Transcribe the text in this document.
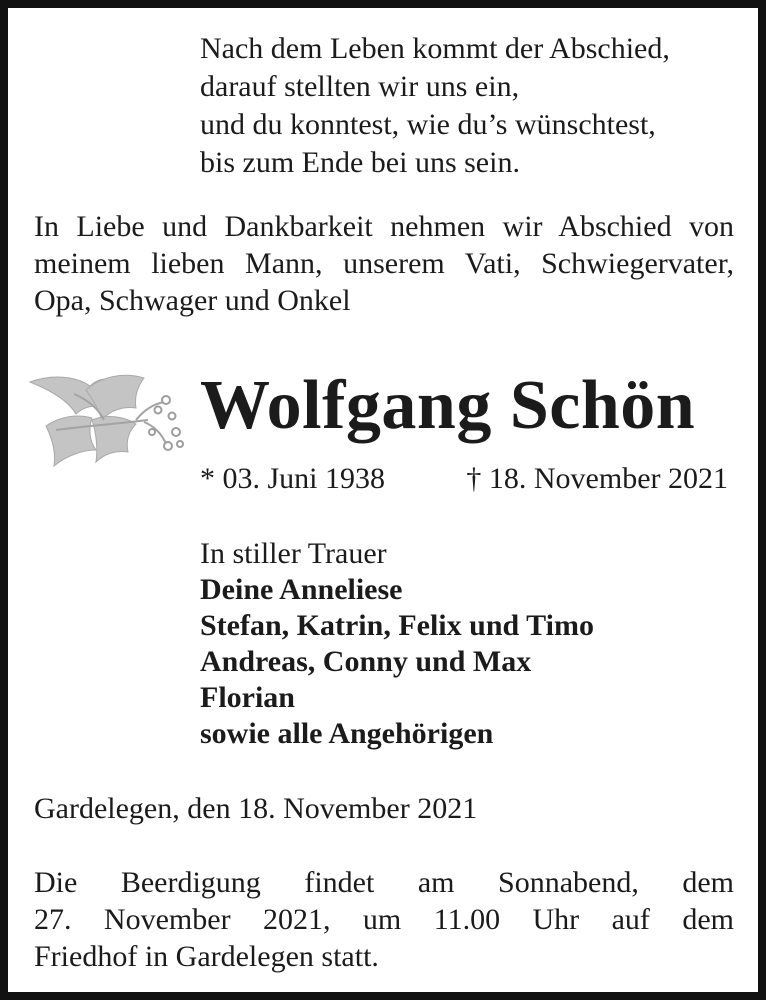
Nach dem Leben kommt der Abschied,
darauf stellten wir uns ein,
und du konntest, wie du’s wünschtest,
bis zum Ende bei uns sein.
In Liebe und Dankbarkeit nehmen wir Abschied von
meinem lieben Mann, unserem Vati, Schwiegervater,
Opa, Schwager und Onkel
Wolfgang Schön
* 03. Juni 1938	† 18. November 2021
In stiller Trauer
Deine Anneliese
Stefan, Katrin, Felix und Timo
Andreas, Conny und Max
Florian
sowie alle Angehörigen
Gardelegen, den 18. November 2021
Die Beerdigung findet am Sonnabend, dem
27. November 2021, um 11.00 Uhr auf dem
Friedhof in Gardelegen statt.
